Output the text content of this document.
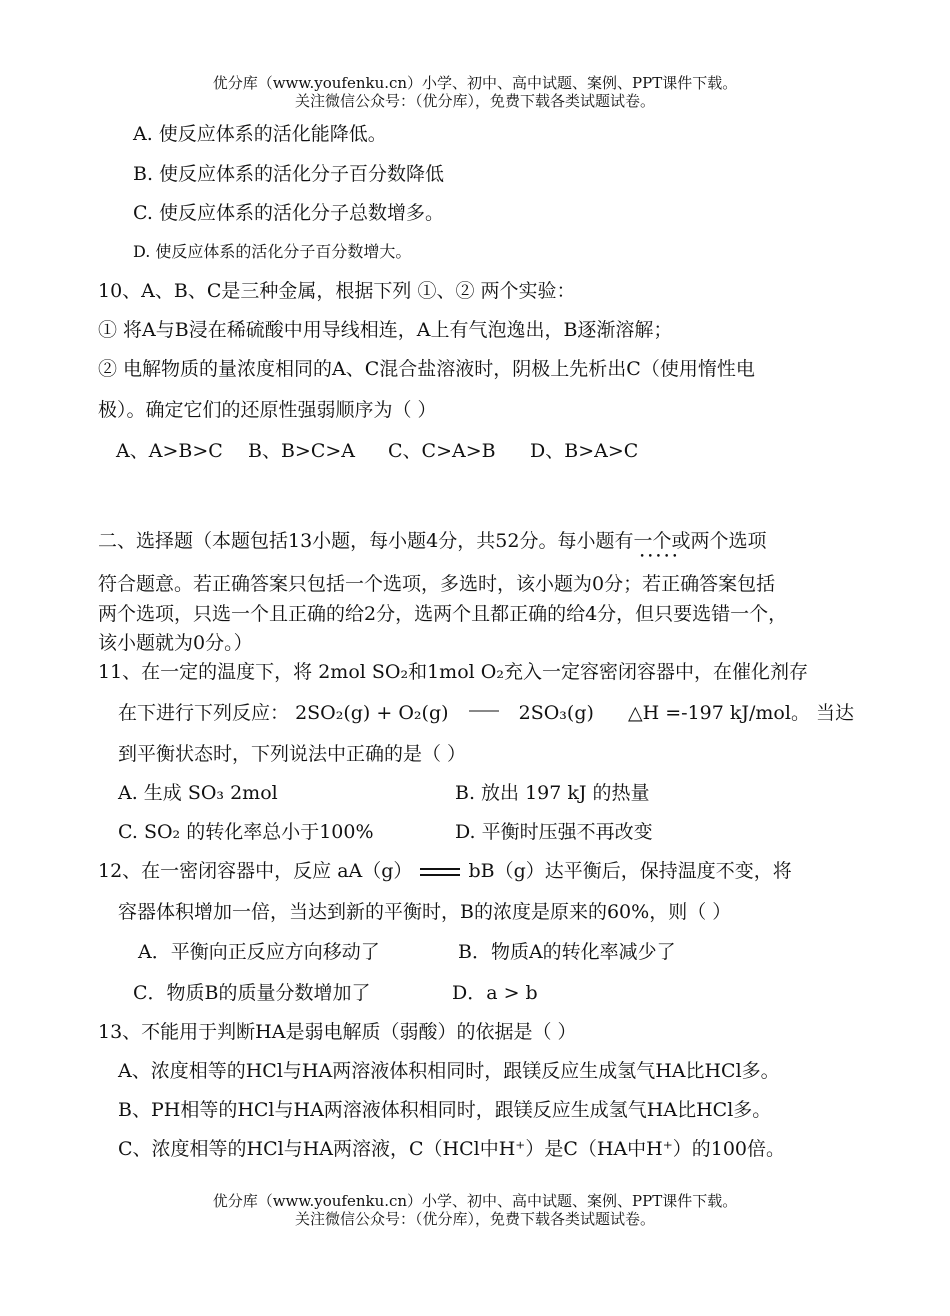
优分库（www.youfenku.cn）小学、初中、高中试题、案例、PPT课件下载。
关注微信公众号：（优分库），免费下载各类试题试卷。
A. 使反应体系的活化能降低。
B. 使反应体系的活化分子百分数降低
C. 使反应体系的活化分子总数增多。
D. 使反应体系的活化分子百分数增大。
10、A、B、C是三种金属，根据下列 ①、② 两个实验：
① 将A与B浸在稀硫酸中用导线相连，A上有气泡逸出，B逐渐溶解；
② 电解物质的量浓度相同的A、C混合盐溶液时，阴极上先析出C（使用惰性电
极）。确定它们的还原性强弱顺序为（ ）
A、A>B>C B、B>C>A C、C>A>B D、B>A>C
二、选择题（本题包括13小题，每小题4分，共52分。每小题有一个或两个 • • 选项
符合题意。若正确答案只包括一个选项，多选时，该小题为0分；若正确答案包括
两个选项，只选一个且正确的给2分，选两个且都正确的给4分，但只要选错一个，
该小题就为0分。）
11、在一定的温度下，将 2mol SO₂和1mol O₂充入一定容密闭容器中，在催化剂存
在下进行下列反应： 2SO₂(g) + O₂(g)	2SO₃(g) △H =-197 kJ/mol。 当达
到平衡状态时，下列说法中正确的是（ ）
A. 生成 SO₃ 2mol	B. 放出 197 kJ 的热量
C. SO₂ 的转化率总小于100%	D. 平衡时压强不再改变
12、在一密闭容器中，反应 aA（g）	bB（g）达平衡后，保持温度不变，将
容器体积增加一倍，当达到新的平衡时，B的浓度是原来的60%，则（ ）
A．平衡向正反应方向移动了	B．物质A的转化率减少了
C．物质B的质量分数增加了	D．a > b
13、不能用于判断HA是弱电解质（弱酸）的依据是（ ）
A、浓度相等的HCl与HA两溶液体积相同时，跟镁反应生成氢气HA比HCl多。
B、PH相等的HCl与HA两溶液体积相同时，跟镁反应生成氢气HA比HCl多。
C、浓度相等的HCl与HA两溶液，C（HCl中H⁺）是C（HA中H⁺）的100倍。
优分库（www.youfenku.cn）小学、初中、高中试题、案例、PPT课件下载。
关注微信公众号：（优分库），免费下载各类试题试卷。
